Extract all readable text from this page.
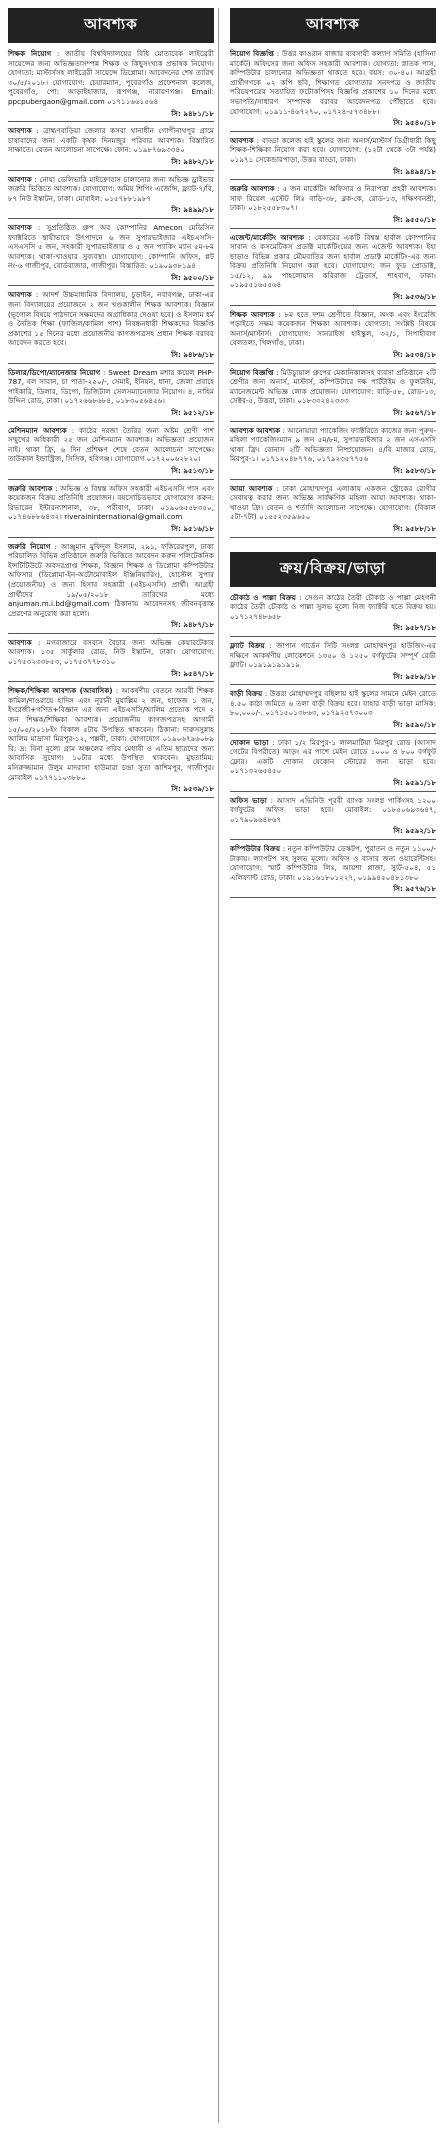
আবশ্যক
শিক্ষক নিয়োগ : জাতীয় বিশ্ববিদ্যালয়ের বিধি মোতাবেক লাইব্রেরী সায়েন্সের জন্য অভিজ্ঞতাসম্পন্ন শিক্ষক ও কিছুসংখ্যক প্রভাষক নিয়োগ। যোগ্যতা: মাস্টার্সসহ লাইব্রেরী সায়েন্সে ডিপ্লোমা। আবেদনের শেষ তারিখ ৩০/৫/২০১৮। যোগাযোগ: চেয়ারম্যান, পুবেরগাঁও প্রফেশনাল কলেজ, পুবেরগাঁও, পো: আড়াইহাজার, রূপগঞ্জ, নারায়ণগঞ্জ। Email: ppcpubergaon@gmail.com ০১৭১১৬৬১৫৬৪
সি: ৯৪৮১/১৮
আবশ্যক : ব্রাহ্মণবাড়িয়া জেলার কসবা থানাধীন গোপীনাথপুর গ্রামে চাষাবাদের জন্য একটি কৃষক দিনমজুর পরিবার আবশ্যক। বিস্তারিত সাক্ষাতে। বেতন আলোচনা সাপেক্ষে। ফোন: ০১৯৮৭৬৯৩৩৪০
সি: ৯৪৮২/১৮
আবশ্যক : নোয়া ডেলিভারি মাইক্রোবাস চালানোর জন্য অভিজ্ঞ ড্রাইভার জরুরি ভিত্তিতে আবশ্যক। যোগাযোগ: অমিয় শিপিং এজেন্সি, ফ্ল্যাট-৭/বি, ৮৭ নিউ ইস্কাটন, ঢাকা। মোবাইল: ০১৫৭৮৮১৯৮৭
সি: ৯৪৯৯/১৮
আবশ্যক : সুপ্রতিষ্ঠিত গ্রুপ অব কোম্পানির Amecon মেডিসিন ফ্যাক্টরিতে স্থায়ীভাবে উৎপাদনে ৬ জন সুপারভাইজার এইচএসসি-এসএসসি ৫ জন, সহকারী সুপারভাইজার ও ৫ জন প্যাকিং ম্যান ৫ম-৮ম আবশ্যক। থাকা-খাওয়ার সুব্যবস্থা। যোগাযোগ: কোম্পানি অফিস, প্লট নং-৬ গাজীপুর, বোর্ডবাজার, গাজীপুর। বিস্তারিত: ০১৯০৯৩৮১৯৪
সি: ৯৫০০/১৮
আবশ্যক : আদর্শ উচ্চমাধ্যমিক বিদ্যালয়, চুড়াইন, নবাবগঞ্জ, ঢাকা-এর জন্য বিদ্যালয়ের প্রয়োজনে ২ জন খণ্ডকালীন শিক্ষক আবশ্যক। বিজ্ঞান (ভূগোল বিষয়ে পাঠদানে সক্ষমদের অগ্রাধিকার দেওয়া হবে) ও ইসলাম ধর্ম ও নৈতিক শিক্ষা (ফাজিল/কামিল পাশ) নিবন্ধনধারী শিক্ষকদের বিজ্ঞপ্তি প্রকাশের ১৫ দিনের মধ্যে প্রয়োজনীয় কাগজপত্রসহ প্রধান শিক্ষক বরাবর আবেদন করতে হবে।
সি: ৯৪৮৬/১৮
ডিলার/ডিপো/ম্যানেজার নিয়োগ : Sweet Dream মশার কয়েল PHP-787, বল সাবান, চা পাতা-২৫০/-, সেমাই, ইনিয়ন, ধানা, জেলা প্রবাহে পাইকারি, ডিলার, ডিপো, ডিজিটাল সেলসম্যানেজার নিয়োগ। ৪, নাহিম উদ্দিন রোড, ঢাকা। ০১৭২৬৬৮৬৮৪, ০১৮৩০৫৬৪৫৬।
সি: ৯৫১২/১৮
মেশিনম্যান আবশ্যক : কাঠের দরজা তৈরির জন্য অষ্টম শ্রেণী পাশ সম্মুখের অধিকারী ২৫ জন মেশিনম্যান আবশ্যক। অভিজ্ঞতা প্রয়োজন নাই। থাকা ফ্রি, ৬ দিন প্রশিক্ষণ শেষে বেতন আলোচনা সাপেক্ষে। তাউকাল ইন্ডাস্ট্রিজ, সিসিক, হবিগঞ্জ। যোগাযোগ ০১৭২০০৬২৮২০।
সি: ৯৫১৩/১৮
জরুরি আবশ্যক : অভিজ্ঞ ও বিশ্বস্ত অফিস সহকারী এইচএসসি পাস এবং কয়েকজন বিক্রয় প্রতিনিধি প্রয়োজন। বয়সোচিতভাবে যোগাযোগ করুন: রিভারেন ইন্টারন্যাশনাল, ৩৮, পরীবাগ, ঢাকা। ০১৯০৬৫৫৮৩৫০, ০১৭৪৬৮৮৬৪৩২। riveraininternational@gmail.com
সি: ৯৫১৬/১৮
জরুরি নিয়োগ : আঞ্জুমান মুফিদুল ইসলাম, ২৯১, ফকিরেরপুল, ঢাকা পরিচালিত বিভিন্ন প্রতিষ্ঠানে জরুরি ভিত্তিতে আবেদন করুন পলিটেকনিক ইন্সটিটিউটে অবসরপ্রাপ্ত শিক্ষক, বিজ্ঞান শিক্ষক ও ডিপ্লোমা কম্পিউটার অফিসার (ডিপ্লোমা-ইন-অটোমোবাইল ইঞ্জিনিয়ারিং), হোস্টেল সুপার (প্রয়োজনীয়) ও জন্য হিসাব সহকারী (এইচএসসি) প্রার্থী। আগ্রহী প্রার্থীদের ১৯/০৫/২০১৮ তারিখের মধ্যে anjuman.m.i.bd@gmail.com ঠিকানায় আবেদনসহ জীবনবৃত্তান্ত প্রেরণের অনুরোধ করা হলো।
সি: ৯৪৮৭/১৮
আবশ্যক : মগবাজারে বসবাস বৈচার জন্য অভিজ্ঞ কেয়ারটেকার আবশ্যক। ১৩৫ সার্কুলার রোড, নিউ ইস্কাটন, ঢাকা। যোগাযোগ: ০১৭৫৩২৩৩৮৫৩, ০১৭৫৩৭৭৮৩১০
সি: ৯৫৪৭/১৮
শিক্ষক/শিক্ষিকা আবশ্যক (আবাসিক) : আকর্ষণীয় বেতনে আরবী শিক্ষক কামিল/দাওরায়ে হাদিস এবং নূরানী মুয়াল্লিম ২ জন, হাফেজ ১ জন, ইংরেজী+গণিত+বিজ্ঞান এর জন্য এইচএসসি/আলিম প্রত্যেক পদে ২ জন শিক্ষক/শিক্ষিকা আবশ্যক। প্রয়োজনীয় কাগজপত্রসহ আগামী ১৫/০৫/২০১৮ইং বিকাল ৫টায় উপস্থিত থাকবেন। ঠিকানা: দারুসসুন্নাহ আলিম মাদ্রাসা মিরপুর-১২, পল্লবী, ঢাকা। যোগাযোগ ০১৯০৬৭৯৬০৮৯ বি: দ্র: বিনা মূল্যে গ্রাম অঞ্চলের গরিব মেধাবী ও এতিম ছাত্রদের জন্য আবাসিক সুযোগ। ১০টার মধ্যে উপস্থিত থাকবেন। মুহতামিম: মনিরুজ্জামান উলুম মাদরাসা হাউমারা চন্দ্রা সুতা কাশিমপুর, গাজীপুর। মোবাইল ০১৭৭১১০৩৮৮০
সি: ৯৫৩৯/১৮
আবশ্যক
নিয়োগ বিজ্ঞপ্তি : উত্তর কাওরান বাজার ব্যবসায়ী কল্যাণ সমিতি (হাসিনা মার্কেট) অফিসের জন্য অফিস সহকারী আবশ্যক। যোগ্যতা: স্নাতক পাস, কম্পিউটার চালানোর অভিজ্ঞতা থাকতে হবে। বয়স: ৩০-৪০। আগ্রহী প্রার্থীগণকে ০২ কপি ছবি, শিক্ষাগত যোগ্যতার সনদপত্র ও জাতীয় পরিচয়পত্রের সত্যায়িত ফটোকপিসহ বিজ্ঞপ্তি প্রকাশের ১০ দিনের মধ্যে সভাপতি/সাধারণ সম্পাদক বরাবর আবেদনপত্র পৌঁছাতে হবে। যোগাযোগ: ০১৯১১-৪৬৭২৭০, ০১৭২৪-৫৭৩৪৮৮।
সি: ৯৫৪০/১৮
আবশ্যক : বাড্ডা কলেজ হাই স্কুলের জন্য অনার্স/মাস্টার্স ডিগ্রীধারী কিছু শিক্ষক-শিক্ষিকা নিয়োগ করা হবে। যোগাযোগ: (১২টা থেকে ৩টা পর্যন্ত) ০১৯৭১ সেকেন্ডারপাড়া, উত্তর বাড্ডা, ঢাকা।
সি: ৯৪৯৪/১৮
জরুরি আবশ্যক : ৫ জন মার্কেটিং অফিসার ও নিরাপত্তা প্রহরী আবশ্যক। সাফ রিয়েল এস্টেট লিঃ বাড়ি-৩৮, ব্লক-কে, রোড-১৩, দক্ষিণবনশ্রী, ঢাকা। ০১৮২৫৫৮৩০৭।
সি: ৯৫৫০/১৮
এজেন্ট/মার্কেটিং আবশ্যক : বেকারের একটি বিশ্বস্ত হার্বাল কোম্পানির সাবান ও কসমেটিকস প্রডাক্ট মার্কেটিংয়ের জন্য এজেন্ট আবশ্যক। ইহা ছাড়াও বিভিন্ন প্রকার মৌমবাতির জন্য হার্বাল প্রডাক্ট মার্কেটিং-এর জন্য বিক্রয় প্রতিনিধি নিয়োগ করা হবে। যোগাযোগ: জন ফুড প্রোডাক্ট, ১৫/১২, ৯৯ পাহলোয়ান কবিরাজ ট্রেডার্স, শাহবাগ, ঢাকা। ০১৯৫৫১৬৫৫৬৪
সি: ৯৫৩৬/১৮
শিক্ষক আবশ্যক : ৮ম হতে দশম শ্রেণীতে বিজ্ঞান, অংক এবং ইংরেজি পড়াইতে সক্ষম কয়েকজন শিক্ষকা আবশ্যক। যোগ্যতা: সংশ্লিষ্ট বিষয়ে অনার্স/মাস্টার্স। যোগাযোগ: সানরাইজ হাইস্কুল, ৩২/১, সিপাহীবাগ বেলতলা, খিলগাঁও, ঢাকা।
সি: ৯৫৩৪/১৮
নিয়োগ বিজ্ঞপ্তি : মিউচ্যুয়াল গ্রুপের মেকানিকালসহ ব্যবসা প্রতিষ্ঠানে ২টি শ্রেণীর জন্য অনার্স, মাস্টার্স, কম্পিউটারে দক্ষ পার্টটাইম ও ফুলটাইম, ম্যানেজমেন্ট অভিজ্ঞ লোক প্রয়োজন। যোগাযোগ: বাড়ি-৫৮, রোড-১৩, সেক্টর-৫, উত্তরা, ঢাকা। ০১৮৩৩২৪২৩৩৩
সি: ৯৫৬৭/১৮
আবশ্যক আবশ্যক : আনোয়ারা প্যাকেজিং ফ্যাক্টরিতে কাজের জন্য পুরুষ-মহিলা প্যাকেজিংম্যান ৯ জন ৫ম/৮ম, সুপারভাইজার ২ জন এসএসসি থাকা ফ্রি। বোনাস ২টি অভিজ্ঞতা নিষ্প্রয়োজন। ৪/বি মাজার রোড, মিরপুর-১। ০১৭১২০৪৮৭৭৬, ০১৭৯২৩৫৭৭৫৬
সি: ৯৫৮৩/১৮
আয়া আবশ্যক : ঢাকা মোহাম্মদপুর এলাকায় একজন স্ট্রোকের রোগীর সেবাযত্ন করার জন্য অভিজ্ঞ সার্বক্ষণিক মহিলা আয়া আবশ্যক। থাকা-খাওয়া ফ্রি। বেতন ও শর্তাদি আলোচনা সাপেক্ষে। যোগাযোগ: (বিকাল ৫টা-৭টা) ০১৫৫২৩৫৯৬৫০
সি: ৯৫৮৮/১৮
ক্রয়/বিক্রয়/ভাড়া
চৌকাঠ ও পাল্লা বিক্রয় : সেগুন কাঠের তৈরী চৌকাঠ ও পাল্লা মেহগনী কাঠের তৈরী চৌকাঠ ও পাল্লা সুলভ মূল্যে নিজ ফ্যাক্টরি হতে বিক্রয় হয়। ০১৭১২৭৪৮৬৫৮
সি: ৯৫৮৭/১৮
ফ্ল্যাট বিক্রয় : জাপান গার্ডেন সিটি সংলগ্ন মোহাম্মদপুর হাউজিং-এর দক্ষিণে আকর্ষণীয় লোকেশনে ১৩৫০ ও ১২৫০ বর্গফুটের সম্পূর্ণ রেডী ফ্ল্যাট। ০১৯১৯১৯১৯১৯
সি: ৯৫৮৯/১৮
বাড়ী বিক্রয় : উত্তরা মোহাম্মদপুর বছিলায় হাই স্কুলের সামনে মেইন রোডে ৪.৫০ কাঠা জমিতে ৬ তলা বাড়ী বিক্রয় হবে। যাহার বাড়ী ভাড়া মাসিক: ৮০,০০০/-. ০১৭১৫০১৩৮৬৩, ০১৭৯২৫৭৩০০৩
সি: ৯৫৯০/১৮
দোকান ভাড়া : ঢাকা ১/২ মিরপুর-১ লালমাটিয়া মিরপুর রোড (আসাদ গেটের বিপরীতে) আড়ং এর পাশে মেইন রোডে ১০০০ ও ৮০০ বর্গফুট ফ্লোর। একটি দোকান যেকোন স্টোরের জন্য ভাড়া হবে। ০১৭১৩২৬৫৪৫০
সি: ৯৫৯১/১৮
অফিস ভাড়া : আসাদ এভিনিউ পূরবী ব্যাংক সংলগ্ন পার্কিংসহ ১২০০ বর্গফুটের অফিস ভাড়া হবে। মোবাইল: ০১৮৫০৬৯৩৬৪৭, ০১৭৯০৯৬৪৮৬৭
সি: ৯৫৯২/১৮
কম্পিউটার বিক্রয় : নতুন কম্পিউটার ডেস্কটপ, পুরাতন ও নতুন ১১০০/- টাকায়। ল্যাপটপ সহ সুলভ মূল্যে। অফিস ও বাসার জন্য ওয়ারেন্টিসহ। যোগাযোগ: স্মার্ট কম্পিউটার লিঃ, আয়শা প্লাজা, স্যুট-৫০৪, ৫১ এলিফ্যান্ট রোড, ঢাকা। ০১৯১৬১৮০১২২৭, ০১৯৯৪৫০৪৮১৩৮০
সি: ৯৫৭৬/১৮
